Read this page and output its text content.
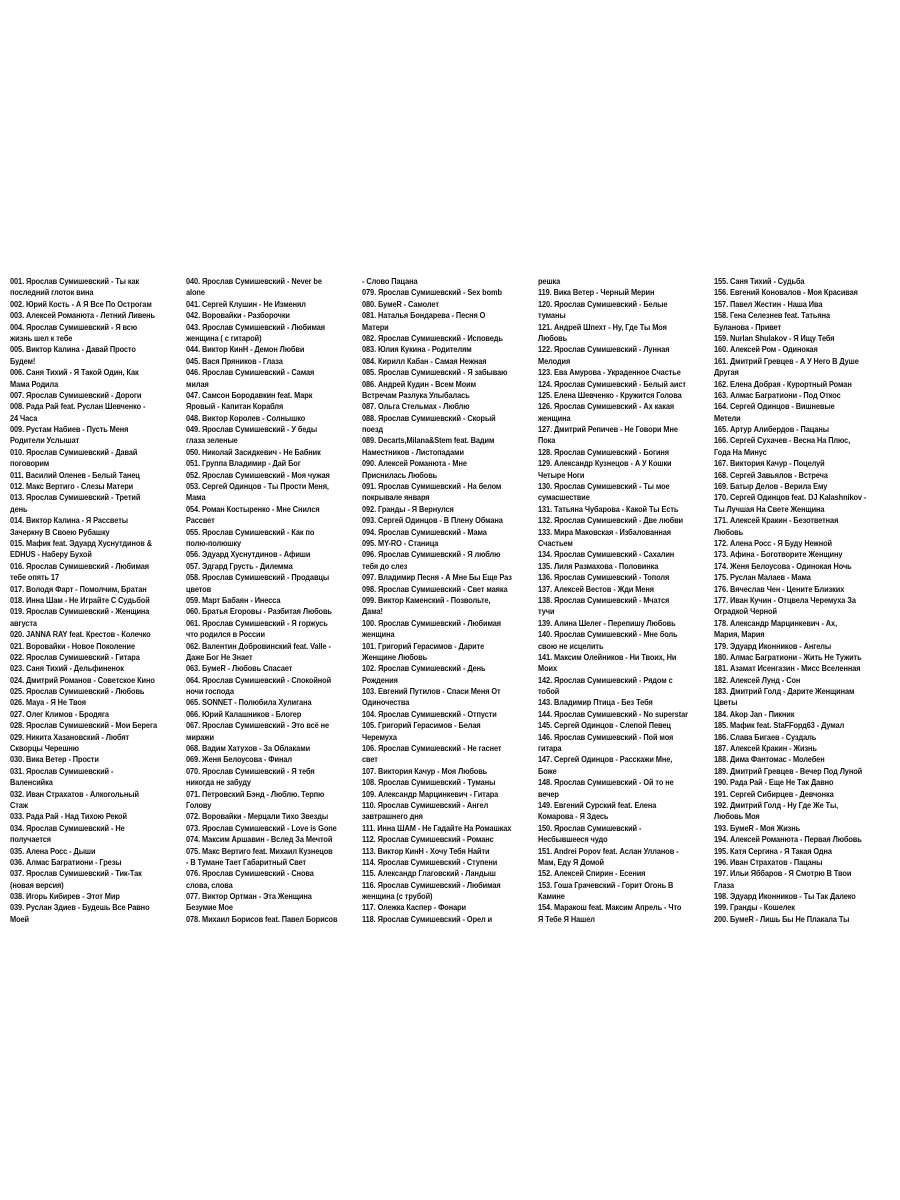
001. Ярослав Сумишевский - Ты как
последний глоток вина
002. Юрий Кость - А Я Все По Острогам
003. Алексей Романюта - Летний Ливень
004. Ярослав Сумишевский - Я всю
жизнь шел к тебе
005. Виктор Калина - Давай Просто
Будем!
006. Саня Тихий - Я Такой Один, Как
Мама Родила
007. Ярослав Сумишевский - Дороги
008. Рада Рай feat. Руслан Шевченко -
24 Часа
009. Рустам Набиев - Пусть Меня
Родители Услышат
010. Ярослав Сумишевский - Давай
поговорим
011. Василий Оленев - Белый Танец
012. Макс Вертиго - Слезы Матери
013. Ярослав Сумишевский - Третий
день
014. Виктор Калина - Я Рассветы
Зачеркну В Своею Рубашку
015. Мафик feat. Эдуард Хуснутдинов &
EDHUS - Наберу Бухой
016. Ярослав Сумишевский - Любимая
тебе опять 17
017. Володя Фарт - Помолчим, Братан
018. Инна Шам - Не Играйте С Судьбой
019. Ярослав Сумишевский - Женщина
августа
020. JANNA RAY feat. Крестов - Колечко
021. Воровайки - Новое Поколение
022. Ярослав Сумишевский - Гитара
023. Саня Тихий - Дельфиненок
024. Дмитрий Романов - Советское Кино
025. Ярослав Сумишевский - Любовь
026. Мауа - Я Не Твоя
027. Олег Климов - Бродяга
028. Ярослав Сумишевский - Мои Берега
029. Никита Хазановский - Любят
Скворцы Черешню
030. Вика Ветер - Прости
031. Ярослав Сумишевский -
Валенсийка
032. Иван Страхатов - Алкогольный
Стаж
033. Рада Рай - Над Тихою Рекой
034. Ярослав Сумишевский - Не
получается
035. Алена Росс - Дыши
036. Алмас Багратиони - Грезы
037. Ярослав Сумишевский - Тик-Так
(новая версия)
038. Игорь Кибирев - Этот Мир
039. Руслан Здиев - Будешь Все Равно
Моей
040. Ярослав Сумишевский - Never be
alone
041. Сергей Клушин - Не Изменял
042. Воровайки - Разборочки
043. Ярослав Сумишевский - Любимая
женщина ( с гитарой)
044. Виктор КинН - Демон Любви
045. Вася Пряников - Глаза
046. Ярослав Сумишевский - Самая
милая
047. Самсон Бородавкин feat. Марк
Яровый - Капитан Корабля
048. Виктор Королев - Солнышко
049. Ярослав Сумишевский - У беды
глаза зеленые
050. Николай Засидкевич - Не Бабник
051. Группа Владимир - Дай Бог
052. Ярослав Сумишевский - Моя чужая
053. Сергей Одинцов - Ты Прости Меня,
Мама
054. Роман Костыренко - Мне Снился
Рассвет
055. Ярослав Сумишевский - Как по
полю-полюшку
056. Эдуард Хуснутдинов - Афиши
057. Эдгард Грусть - Дилемма
058. Ярослав Сумишевский - Продавцы
цветов
059. Март Бабаян - Инесса
060. Братья Егоровы - Разбитая Любовь
061. Ярослав Сумишевский - Я горжусь
что родился в России
062. Валентин Добровинский feat. Valle -
Даже Бог Не Знает
063. БумеR - Любовь Спасает
064. Ярослав Сумишевский - Спокойной
ночи господа
065. SONNET - Полюбила Хулигана
066. Юрий Калашников - Блогер
067. Ярослав Сумишевский - Это всё не
миражи
068. Вадим Хатухов - За Облаками
069. Женя Белоусова - Финал
070. Ярослав Сумишевский - Я тебя
никогда не забуду
071. Петровский Бэнд - Люблю. Терпю
Голову
072. Воровайки - Мерцали Тихо Звезды
073. Ярослав Сумишевский - Love is Gone
074. Максим Аршавин - Вслед За Мечтой
075. Макс Вертиго feat. Михаил Кузнецов
- В Тумане Тает Габаритный Свет
076. Ярослав Сумишевский - Снова
слова, слова
077. Виктор Ортман - Эта Женщина
Безумие Мое
078. Михаил Борисов feat. Павел Борисов
- Слово Пацана
079. Ярослав Сумишевский - Sex bomb
080. БумеR - Самолет
081. Наталья Бондарева - Песня О
Матери
082. Ярослав Сумишевский - Исповедь
083. Юлия Кукина - Родителям
084. Кирилл Кабан - Самая Нежная
085. Ярослав Сумишевский - Я забываю
086. Андрей Кудин - Всем Моим
Встречам Разлука Улыбалась
087. Ольга Стельмах - Люблю
088. Ярослав Сумишевский - Скорый
поезд
089. Decarts,Milana&Stem feat. Вадим
Наместников - Листопадами
090. Алексей Романюта - Мне
Приснилась Любовь
091. Ярослав Сумишевский - На белом
покрывале января
092. Гранды - Я Вернулся
093. Сергей Одинцов - В Плену Обмана
094. Ярослав Сумишевский - Мама
095. MY-RO - Станица
096. Ярослав Сумишевский - Я люблю
тебя до слез
097. Владимир Песня - А Мне Бы Еще Раз
098. Ярослав Сумишевский - Свет маяка
099. Виктор Каменский - Позвольте,
Дама!
100. Ярослав Сумишевский - Любимая
женщина
101. Григорий Герасимов - Дарите
Женщине Любовь
102. Ярослав Сумишевский - День
Рождения
103. Евгений Путилов - Спаси Меня От
Одиночества
104. Ярослав Сумишевский - Отпусти
105. Григорий Герасимов - Белая
Черемуха
106. Ярослав Сумишевский - Не гаснет
свет
107. Виктория Качур - Моя Любовь
108. Ярослав Сумишевский - Туманы
109. Александр Марцинкевич - Гитара
110. Ярослав Сумишевский - Ангел
завтрашнего дня
111. Инна ШАМ - Не Гадайте На Ромашках
112. Ярослав Сумишевский - Романс
113. Виктор КинН - Хочу Тебя Найти
114. Ярослав Сумишевский - Ступени
115. Александр Глаговский - Ландыш
116. Ярослав Сумишевский - Любимая
женщина (с трубой)
117. Олежка Каспер - Фонари
118. Ярослав Сумишевский - Орел и
решка
119. Вика Ветер - Черный Мерин
120. Ярослав Сумишевский - Белые
туманы
121. Андрей Шпехт - Ну, Где Ты Моя
Любовь
122. Ярослав Сумишевский - Лунная
Мелодия
123. Ева Амурова - Украденное Счастье
124. Ярослав Сумишевский - Белый аист
125. Елена Шевченко - Кружится Голова
126. Ярослав Сумишевский - Ах какая
женщина
127. Дмитрий Репичев - Не Говори Мне
Пока
128. Ярослав Сумишевский - Богиня
129. Александр Кузнецов - А У Кошки
Четыре Ноги
130. Ярослав Сумишевский - Ты мое
сумасшествие
131. Татьяна Чубарова - Какой Ты Есть
132. Ярослав Сумишевский - Две любви
133. Мира Маковская - Избалованная
Счастьем
134. Ярослав Сумишевский - Сахалин
135. Лиля Размахова - Половинка
136. Ярослав Сумишевский - Тополя
137. Алексей Вестов - Жди Меня
138. Ярослав Сумишевский - Мчатся
тучи
139. Алина Шелег - Перепишу Любовь
140. Ярослав Сумишевский - Мне боль
свою не исцелить
141. Максим Олейников - Ни Твоих, Ни
Моих
142. Ярослав Сумишевский - Рядом с
тобой
143. Владимир Птица - Без Тебя
144. Ярослав Сумишевский - No superstar
145. Сергей Одинцов - Слепой Певец
146. Ярослав Сумишевский - Пой моя
гитара
147. Сергей Одинцов - Расскажи Мне,
Боже
148. Ярослав Сумишевский - Ой то не
вечер
149. Евгений Сурский feat. Елена
Комарова - Я Здесь
150. Ярослав Сумишевский -
Несбывшееся чудо
151. Andrei Popov feat. Аслан Улланов -
Мам, Еду Я Домой
152. Алексей Спирин - Есения
153. Гоша Грачевский - Горит Огонь В
Камине
154. Маракош feat. Максим Апрель - Что
Я Тебе Я Нашел
155. Саня Тихий - Судьба
156. Евгений Коновалов - Моя Красивая
157. Павел Жестин - Наша Ива
158. Гена Селезнев feat. Татьяна
Буланова - Привет
159. Nurlan Shulakov - Я Ищу Тебя
160. Алексей Ром - Одинокая
161. Дмитрий Гревцев - А У Него В Душе
Другая
162. Елена Добрая - Курортный Роман
163. Алмас Багратиони - Под Откос
164. Сергей Одинцов - Вишневые
Метели
165. Артур Алибердов - Пацаны
166. Сергей Сухачев - Весна На Плюс,
Года На Минус
167. Виктория Качур - Поцелуй
168. Сергей Завьялов - Встреча
169. Батыр Делов - Верила Ему
170. Сергей Одинцов feat. DJ Kalashnikov -
Ты Лучшая На Свете Женщина
171. Алексей Кракин - Безответная
Любовь
172. Алена Росс - Я Буду Нежной
173. Афина - Боготворите Женщину
174. Женя Белоусова - Одинокая Ночь
175. Руслан Малаев - Мама
176. Вячеслав Чен - Цените Близких
177. Иван Кучин - Отцвела Черемуха За
Оградкой Черной
178. Александр Марцинкевич - Ах,
Мария, Мария
179. Эдуард Иконников - Ангелы
180. Алмас Багратиони - Жить Не Тужить
181. Азамат Исенгазин - Мисс Вселенная
182. Алексей Лунд - Сон
183. Дмитрий Голд - Дарите Женщинам
Цветы
184. Akop Jan - Пикник
185. Мафик feat. StaFFорд63 - Думал
186. Слава Бигаев - Суздаль
187. Алексей Кракин - Жизнь
188. Дима Фантомас - Молебен
189. Дмитрий Гревцев - Вечер Под Луной
190. Рада Рай - Еще Не Так Давно
191. Сергей Сибирцев - Девчонка
192. Дмитрий Голд - Ну Где Же Ты,
Любовь Моя
193. БумеR - Моя Жизнь
194. Алексей Романюта - Первая Любовь
195. Катя Сергина - Я Такая Одна
196. Иван Страхатов - Пацаны
197. Ильи Яббаров - Я Смотрю В Твои
Глаза
198. Эдуард Иконников - Ты Так Далеко
199. Гранды - Кошелек
200. БумеR - Лишь Бы Не Плакала Ты
